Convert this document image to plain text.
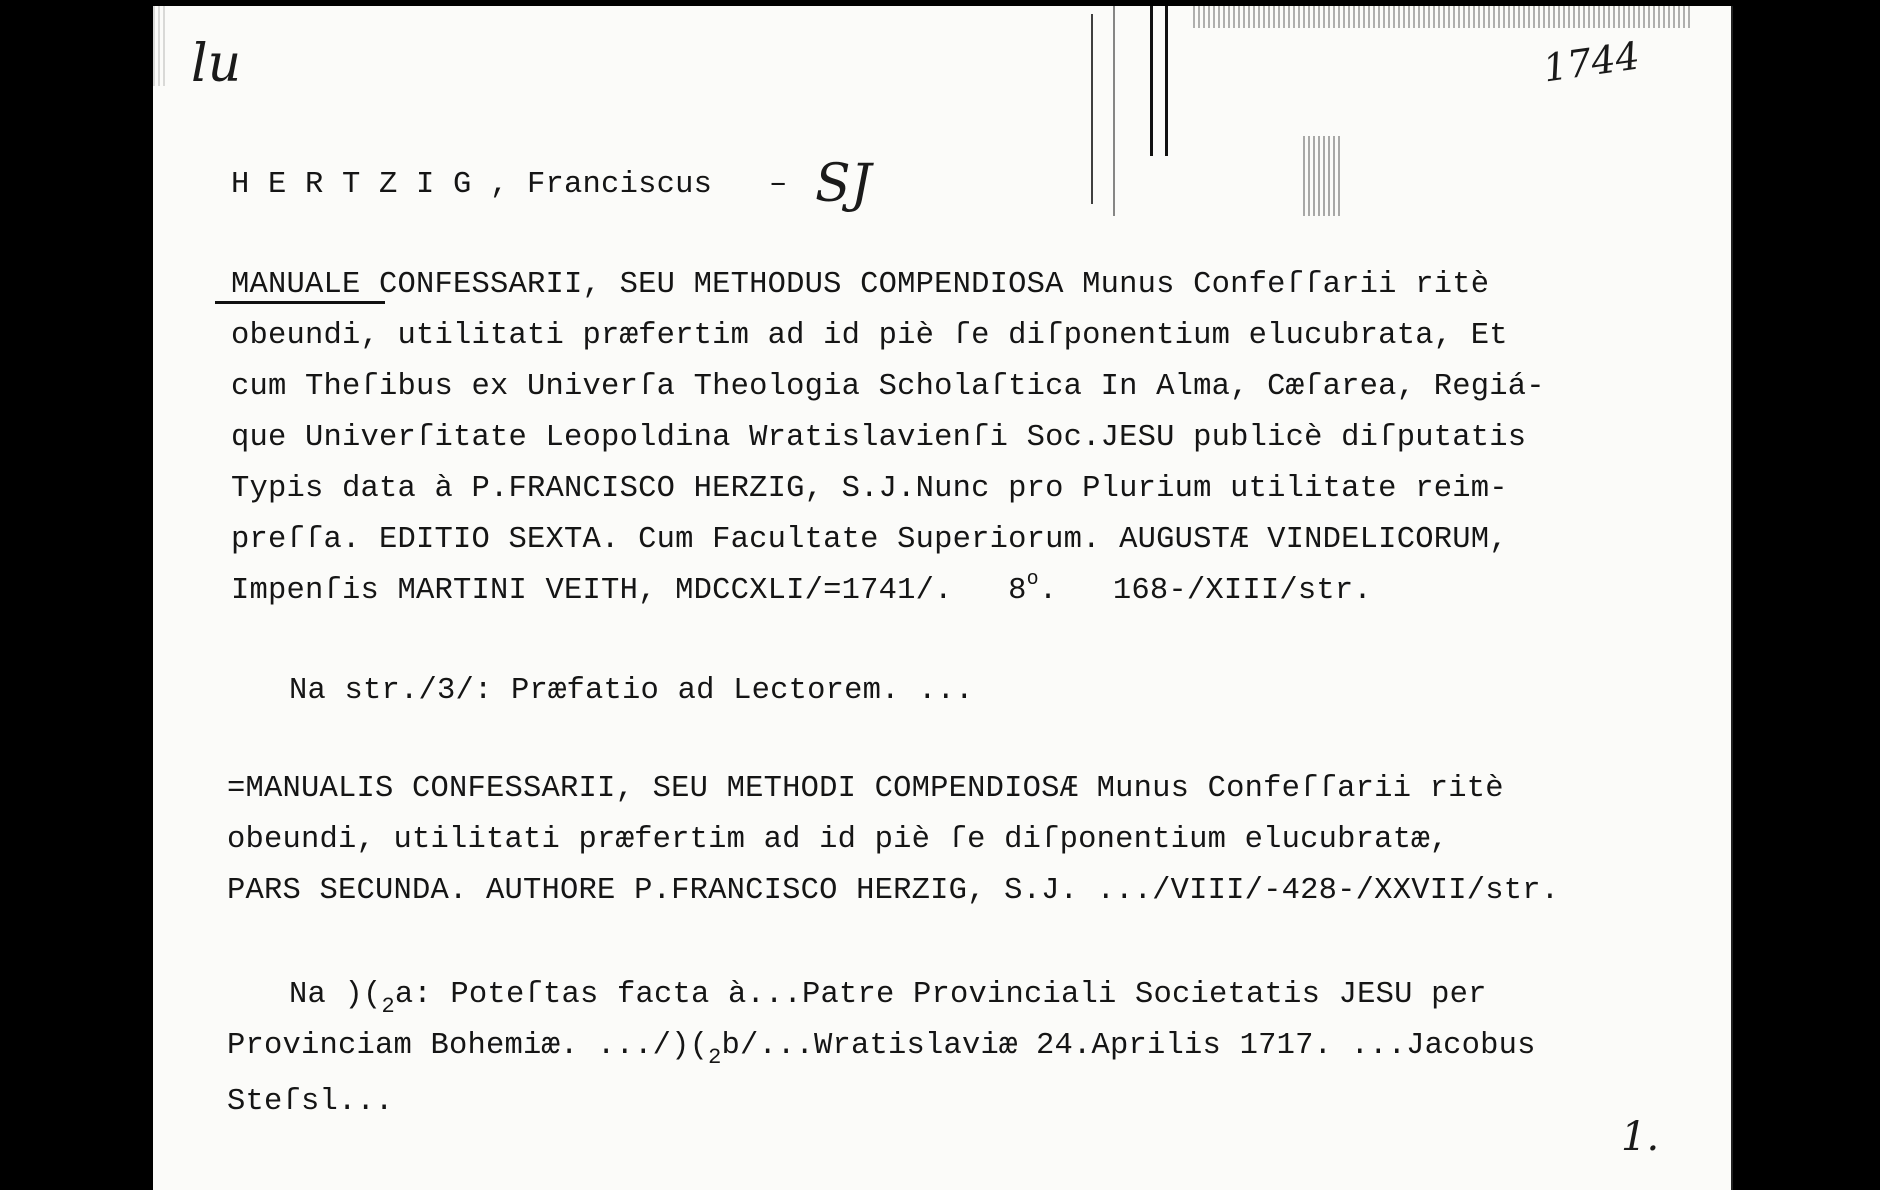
lu	1744
H E R T Z I G , Franciscus – SJ
MANUALE CONFESSARII, SEU METHODUS COMPENDIOSA Munus Confeſſarii ritè
obeundi, utilitati præfertim ad id piè ſe diſponentium elucubrata, Et
cum Theſibus ex Univerſa Theologia Scholaſtica In Alma, Cæſarea, Regiá-
que Univerſitate Leopoldina Wratislavienſi Soc.JESU publicè diſputatis
Typis data à P.FRANCISCO HERZIG, S.J.Nunc pro Plurium utilitate reim-
preſſa. EDITIO SEXTA. Cum Facultate Superiorum. AUGUSTÆ VINDELICORUM,
Impenſis MARTINI VEITH, MDCCXLI/=1741/.   8$^o$.   168-/XIII/str.
Na str./3/: Præfatio ad Lectorem. ...
=MANUALIS CONFESSARII, SEU METHODI COMPENDIOSÆ Munus Confeſſarii ritè
obeundi, utilitati præfertim ad id piè ſe diſponentium elucubratæ,
PARS SECUNDA. AUTHORE P.FRANCISCO HERZIG, S.J. .../VIII/-428-/XXVII/str.
Na )($_2a$: Poteſtas facta à...Patre Provinciali Societatis JESU per
Provinciam Bohemiæ. $.../)(_2b/...Wratislaviæ$ 24.Aprilis 1717. ...Jacobus
Steſsl...
1.
